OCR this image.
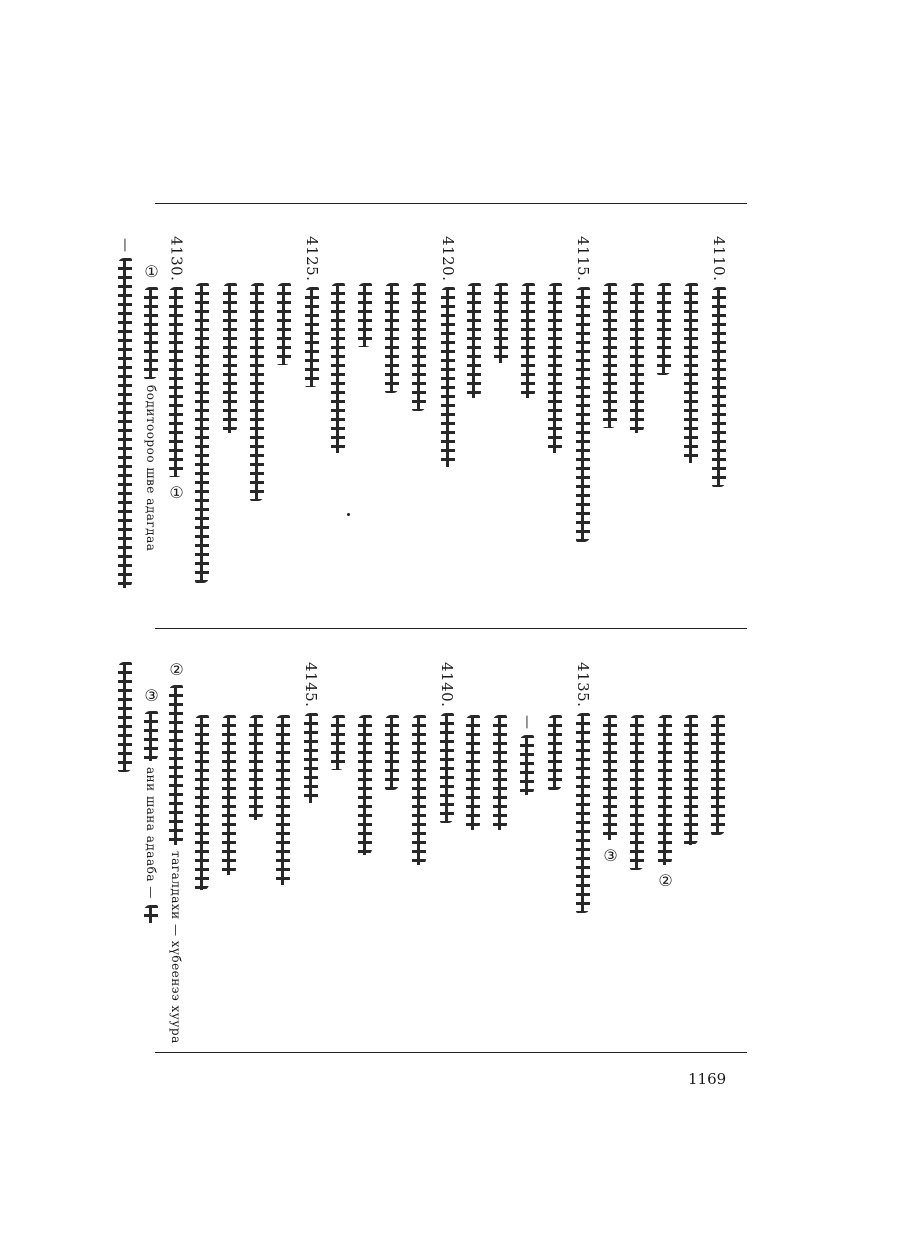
—
①
бодитоороо шве адагдаа
4130.
①
4125.	4120.	4115.	4110.
③
ани шана адааба —
②
тагалдахи — хүбеенээ хуура
4145.	4140.
—
4135.
③
②
1169
